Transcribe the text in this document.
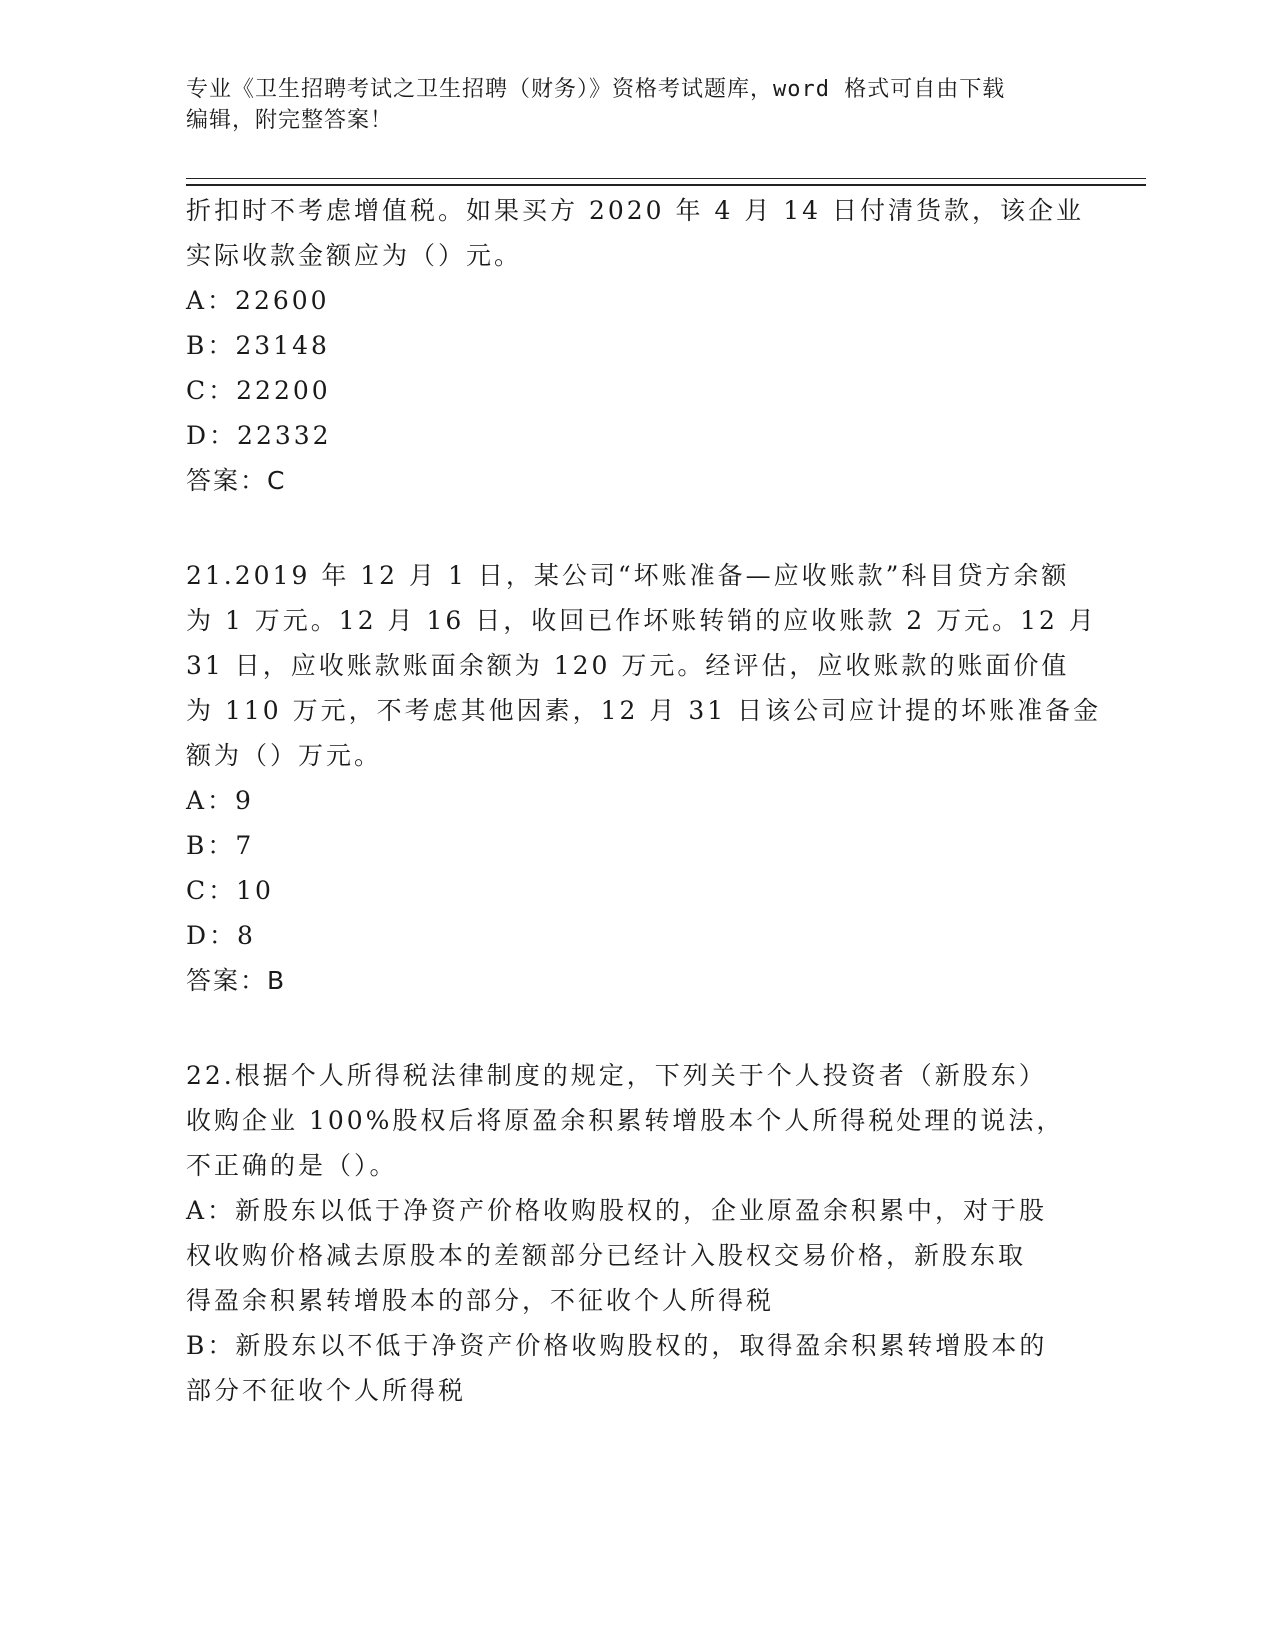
专业《卫生招聘考试之卫生招聘（财务）》资格考试题库，word 格式可自由下载
编辑，附完整答案！
折扣时不考虑增值税。如果买方 2020 年 4 月 14 日付清货款，该企业
实际收款金额应为（）元。
A：22600
B：23148
C：22200
D：22332
答案：C
21.2019 年 12 月 1 日，某公司“坏账准备—应收账款”科目贷方余额
为 1 万元。12 月 16 日，收回已作坏账转销的应收账款 2 万元。12 月
31 日，应收账款账面余额为 120 万元。经评估，应收账款的账面价值
为 110 万元，不考虑其他因素，12 月 31 日该公司应计提的坏账准备金
额为（）万元。
A：9
B：7
C：10
D：8
答案：B
22.根据个人所得税法律制度的规定，下列关于个人投资者（新股东）
收购企业 100%股权后将原盈余积累转增股本个人所得税处理的说法，
不正确的是（）。
A：新股东以低于净资产价格收购股权的，企业原盈余积累中，对于股
权收购价格减去原股本的差额部分已经计入股权交易价格，新股东取
得盈余积累转增股本的部分，不征收个人所得税
B：新股东以不低于净资产价格收购股权的，取得盈余积累转增股本的
部分不征收个人所得税
